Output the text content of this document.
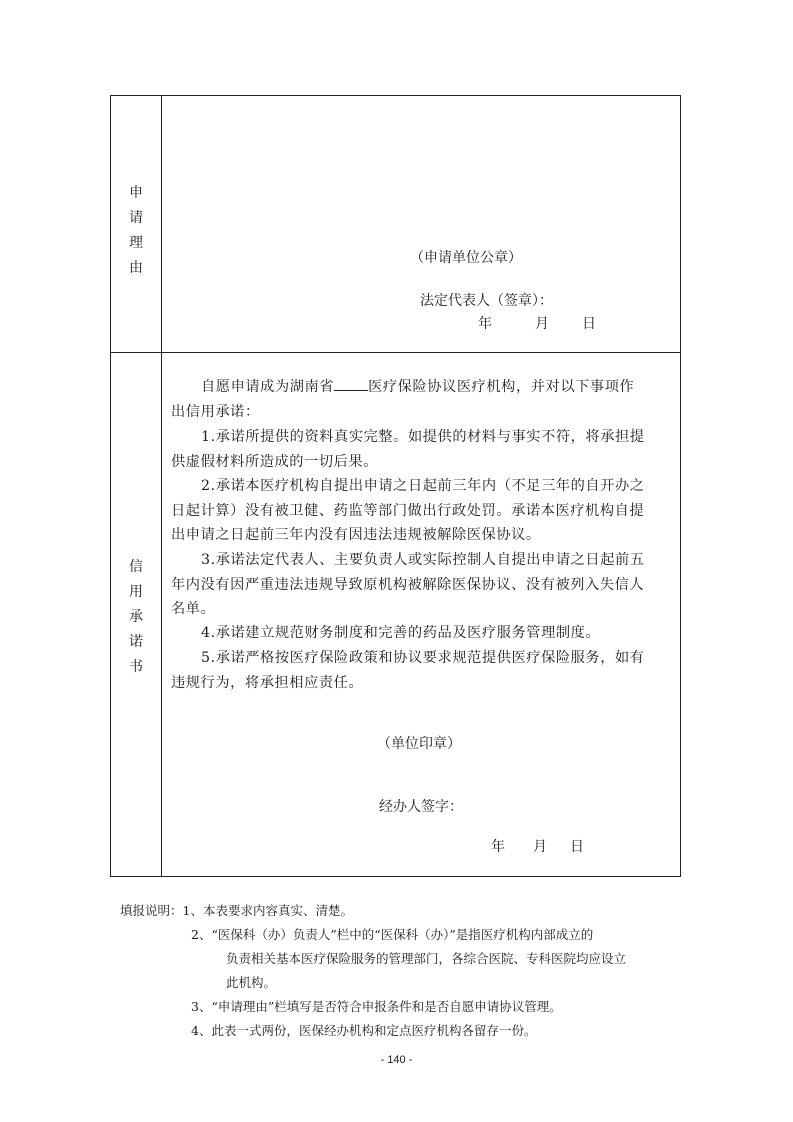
申
请
理
由
（申请单位公章）
法定代表人（签章）：
年	月 日
信
用
承
诺
书
自愿申请成为湖南省 医疗保险协议医疗机构，并对以下事项作
出信用承诺：
1.承诺所提供的资料真实完整。如提供的材料与事实不符，将承担提
供虚假材料所造成的一切后果。
2.承诺本医疗机构自提出申请之日起前三年内（不足三年的自开办之
日起计算）没有被卫健、药监等部门做出行政处罚。承诺本医疗机构自提
出申请之日起前三年内没有因违法违规被解除医保协议。
3.承诺法定代表人、主要负责人或实际控制人自提出申请之日起前五
年内没有因严重违法违规导致原机构被解除医保协议、没有被列入失信人
名单。
4.承诺建立规范财务制度和完善的药品及医疗服务管理制度。
5.承诺严格按医疗保险政策和协议要求规范提供医疗保险服务，如有
违规行为，将承担相应责任。
（单位印章）
经办人签字：
年 月 日
填报说明：1、本表要求内容真实、清楚。
2、“医保科（办）负责人”栏中的“医保科（办）”是指医疗机构内部成立的
负责相关基本医疗保险服务的管理部门，各综合医院、专科医院均应设立
此机构。
3、“申请理由”栏填写是否符合申报条件和是否自愿申请协议管理。
4、此表一式两份，医保经办机构和定点医疗机构各留存一份。
- 140 -
